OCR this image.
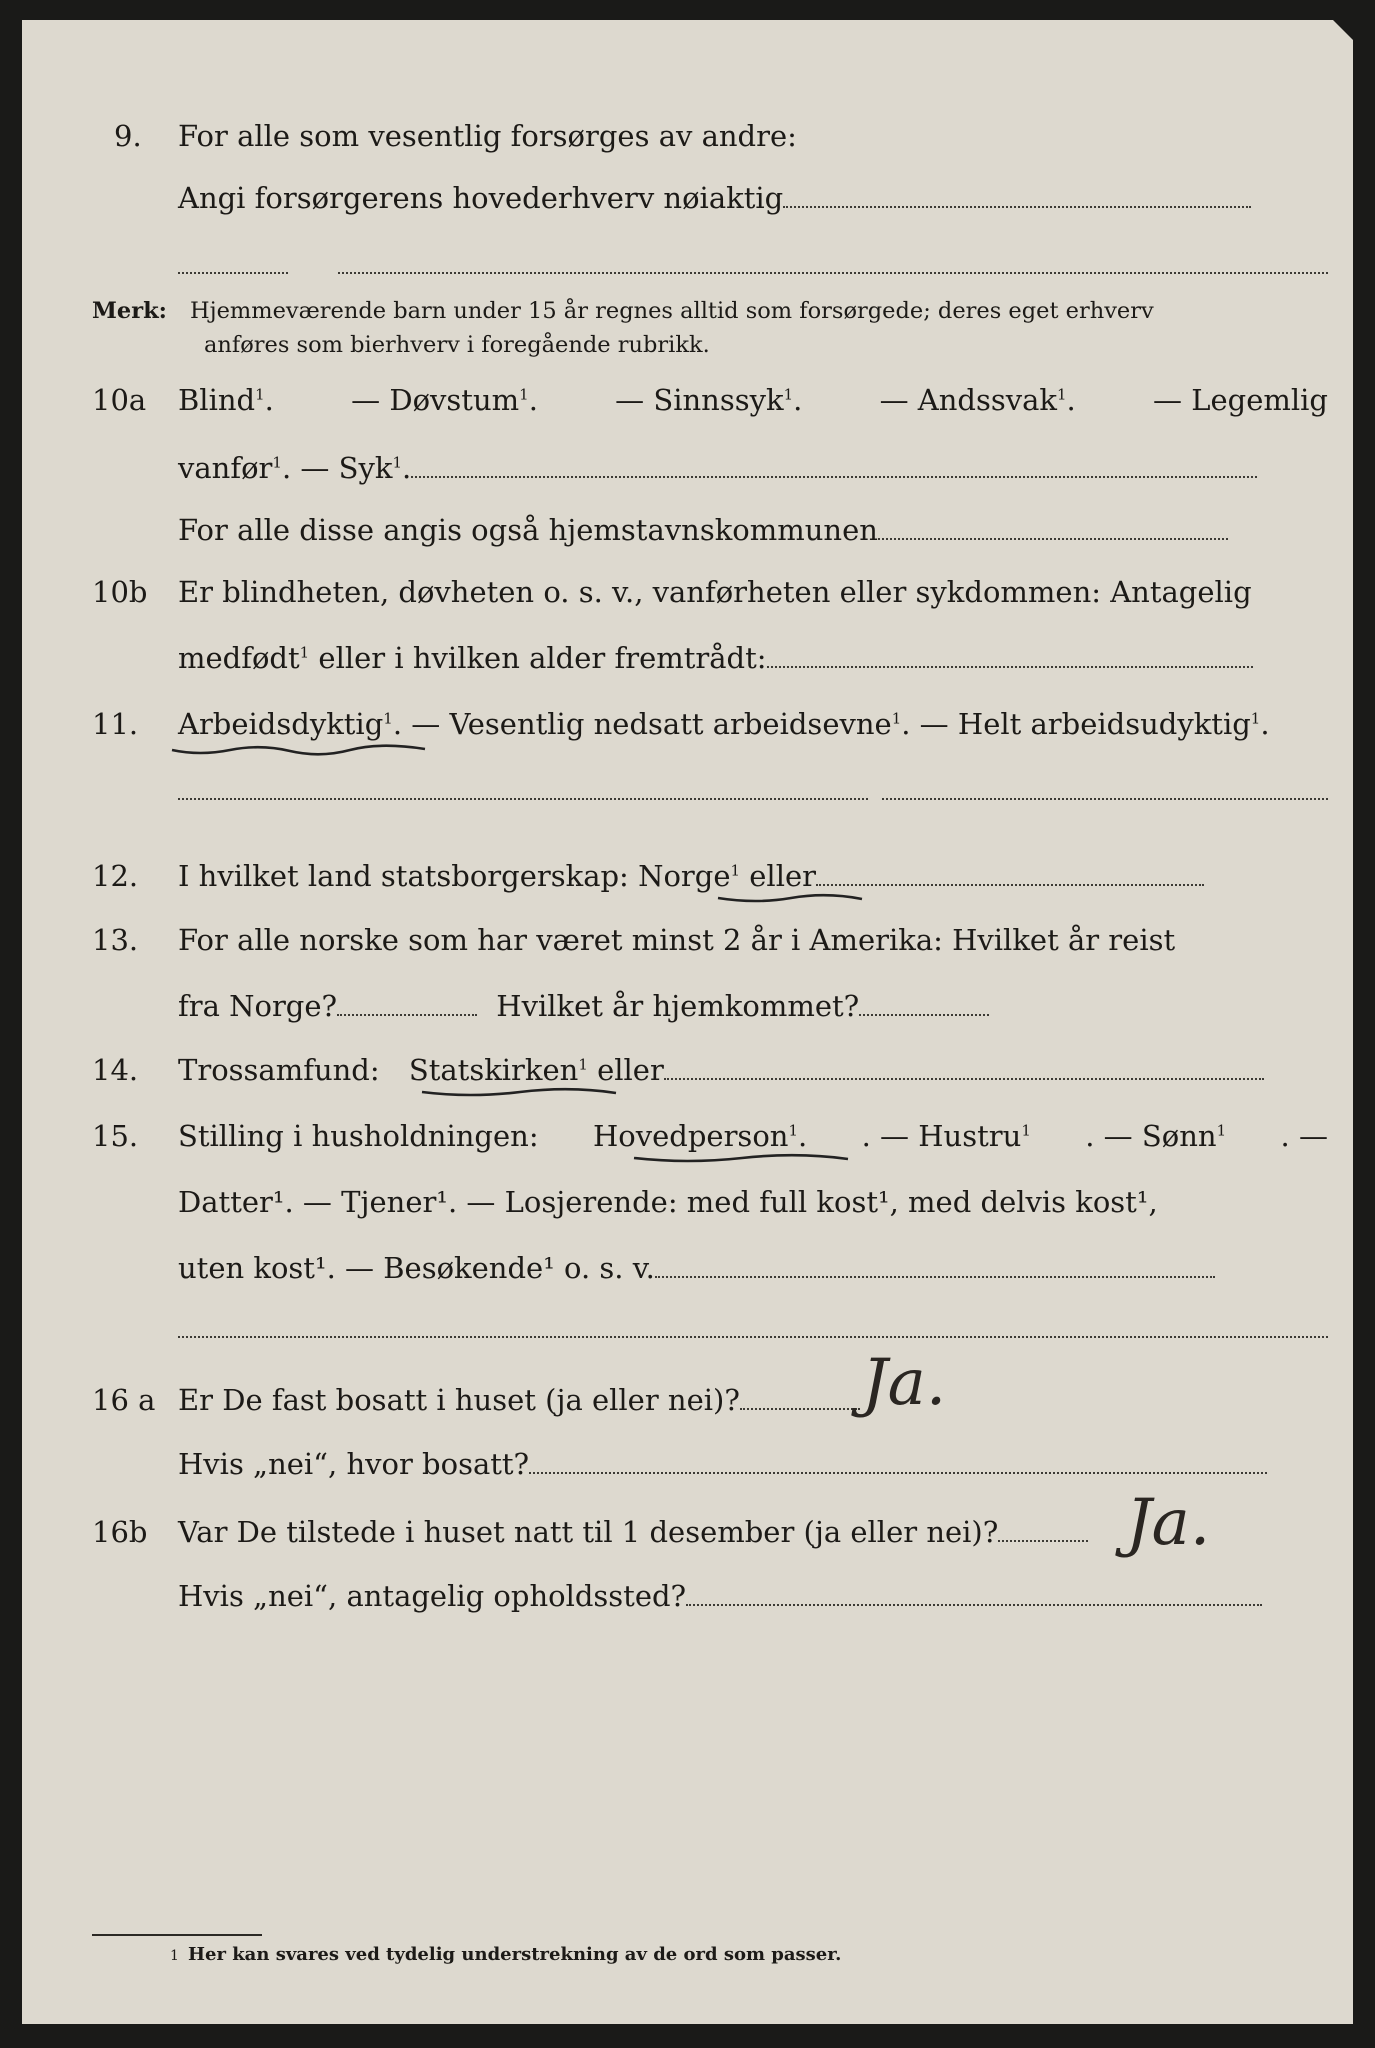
9. For alle som vesentlig forsørges av andre:
Angi forsørgerens hovederhverv nøiaktig
Merk: Hjemmeværende barn under 15 år regnes alltid som forsørgede; deres eget erhverv
anføres som bierhverv i foregående rubrikk.
10a Blind$^1$.	— Døvstum$^1$.	— Sinnssyk$^1$.	— Andssvak$^1$.	— Legemlig
vanfør$^1$. — Syk$^1$.
For alle disse angis også hjemstavnskommunen
10b Er blindheten, døvheten o. s. v., vanførheten eller sykdommen: Antagelig
medfødt$^1$ eller i hvilken alder fremtrådt:
11. Arbeidsdyktig$^1$. — Vesentlig nedsatt arbeidsevne$^1$. — Helt arbeidsudyktig$^1$.
12. I hvilket land statsborgerskap: Norge$^1$ eller
13. For alle norske som har været minst 2 år i Amerika: Hvilket år reist
fra Norge?	Hvilket år hjemkommet?
14. Trossamfund: Statskirken$^1$ eller
15. Stilling i husholdningen: Hovedperson$^1$. . — Hustru$^1$ . — Sønn$^1$ . —
Datter¹. — Tjener¹. — Losjerende: med full kost¹, med delvis kost¹,
uten kost¹. — Besøkende¹ o. s. v.
16 a Er De fast bosatt i huset (ja eller nei)?	Ja.
Hvis „nei“, hvor bosatt?
16b Var De tilstede i huset natt til 1 desember (ja eller nei)?	Ja.
Hvis „nei“, antagelig opholdssted?
1 Her kan svares ved tydelig understrekning av de ord som passer.
